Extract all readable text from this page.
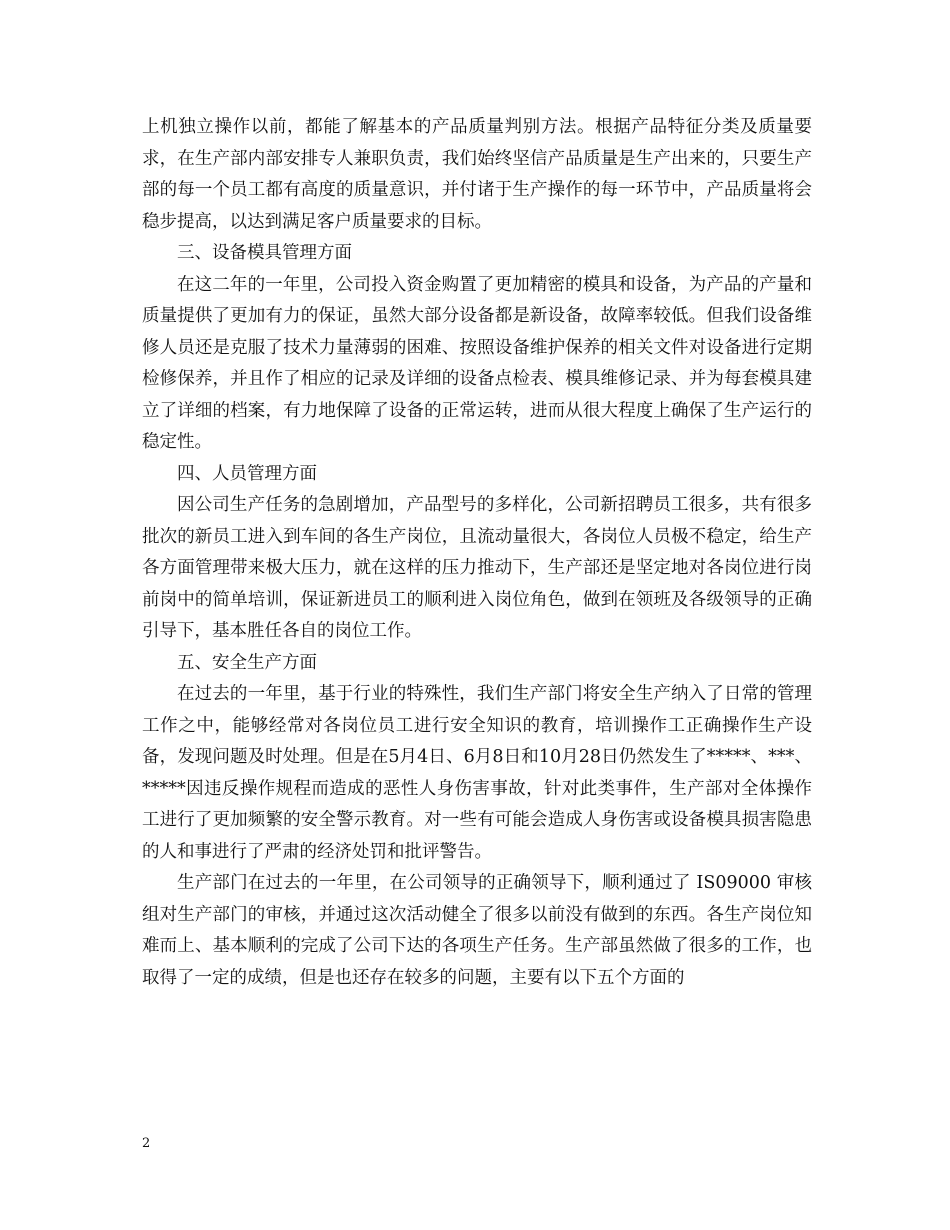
上机独立操作以前，都能了解基本的产品质量判别方法。根据产品特征分类及质量要求，在生产部内部安排专人兼职负责，我们始终坚信产品质量是生产出来的，只要生产部的每一个员工都有高度的质量意识，并付诸于生产操作的每一环节中，产品质量将会稳步提高，以达到满足客户质量要求的目标。

三、设备模具管理方面

在这二年的一年里，公司投入资金购置了更加精密的模具和设备，为产品的产量和质量提供了更加有力的保证，虽然大部分设备都是新设备，故障率较低。但我们设备维修人员还是克服了技术力量薄弱的困难、按照设备维护保养的相关文件对设备进行定期检修保养，并且作了相应的记录及详细的设备点检表、模具维修记录、并为每套模具建立了详细的档案，有力地保障了设备的正常运转，进而从很大程度上确保了生产运行的稳定性。

四、人员管理方面

因公司生产任务的急剧增加，产品型号的多样化，公司新招聘员工很多，共有很多批次的新员工进入到车间的各生产岗位，且流动量很大，各岗位人员极不稳定，给生产各方面管理带来极大压力，就在这样的压力推动下，生产部还是坚定地对各岗位进行岗前岗中的简单培训，保证新进员工的顺利进入岗位角色，做到在领班及各级领导的正确引导下，基本胜任各自的岗位工作。

五、安全生产方面

在过去的一年里，基于行业的特殊性，我们生产部门将安全生产纳入了日常的管理工作之中，能够经常对各岗位员工进行安全知识的教育，培训操作工正确操作生产设备，发现问题及时处理。但是在5月4日、6月8日和10月28日仍然发生了*****、***、*****因违反操作规程而造成的恶性人身伤害事故，针对此类事件，生产部对全体操作工进行了更加频繁的安全警示教育。对一些有可能会造成人身伤害或设备模具损害隐患的人和事进行了严肃的经济处罚和批评警告。

生产部门在过去的一年里，在公司领导的正确领导下，顺利通过了 IS09000 审核组对生产部门的审核，并通过这次活动健全了很多以前没有做到的东西。各生产岗位知难而上、基本顺利的完成了公司下达的各项生产任务。生产部虽然做了很多的工作，也取得了一定的成绩，但是也还存在较多的问题，主要有以下五个方面的

2
